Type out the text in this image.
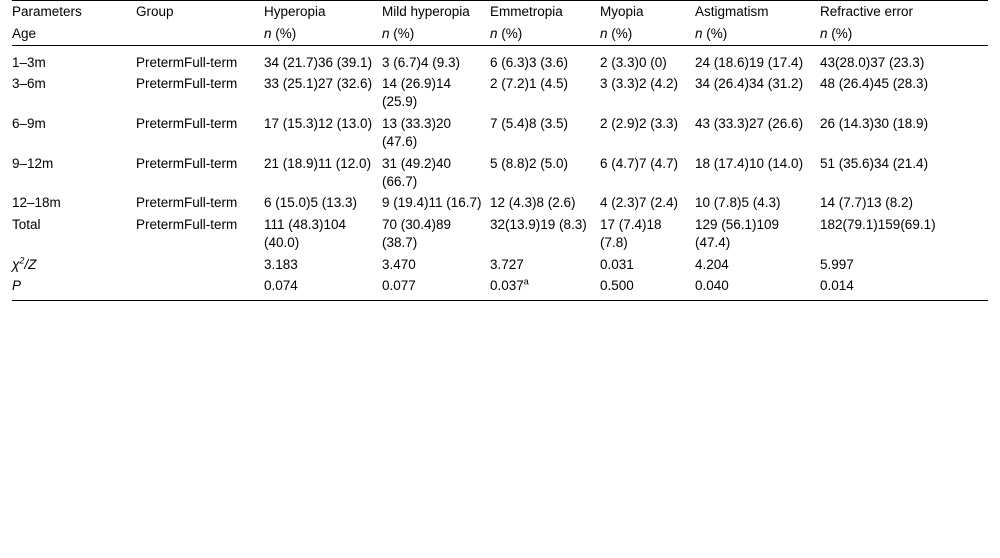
Parameters	Group	Hyperopia	Mild hyperopia	Emmetropia	Myopia	Astigmatism	Refractive error
Age		n (%)	n (%)	n (%)	n (%)	n (%)	n (%)
1–3m	PretermFull-term	34 (21.7)36 (39.1)	3 (6.7)4 (9.3)	6 (6.3)3 (3.6)	2 (3.3)0 (0)	24 (18.6)19 (17.4)	43(28.0)37 (23.3)
3–6m	PretermFull-term	33 (25.1)27 (32.6)	14 (26.9)14 (25.9)	2 (7.2)1 (4.5)	3 (3.3)2 (4.2)	34 (26.4)34 (31.2)	48 (26.4)45 (28.3)
6–9m	PretermFull-term	17 (15.3)12 (13.0)	13 (33.3)20 (47.6)	7 (5.4)8 (3.5)	2 (2.9)2 (3.3)	43 (33.3)27 (26.6)	26 (14.3)30 (18.9)
9–12m	PretermFull-term	21 (18.9)11 (12.0)	31 (49.2)40 (66.7)	5 (8.8)2 (5.0)	6 (4.7)7 (4.7)	18 (17.4)10 (14.0)	51 (35.6)34 (21.4)
12–18m	PretermFull-term	6 (15.0)5 (13.3)	9 (19.4)11 (16.7)	12 (4.3)8 (2.6)	4 (2.3)7 (2.4)	10 (7.8)5 (4.3)	14 (7.7)13 (8.2)
Total	PretermFull-term	111 (48.3)104 (40.0)	70 (30.4)89 (38.7)	32(13.9)19 (8.3)	17 (7.4)18 (7.8)	129 (56.1)109 (47.4)	182(79.1)159(69.1)
$\chi^2/Z$		3.183	3.470	3.727	0.031	4.204	5.997
P		0.074	0.077	0.037$^a$	0.500	0.040	0.014
